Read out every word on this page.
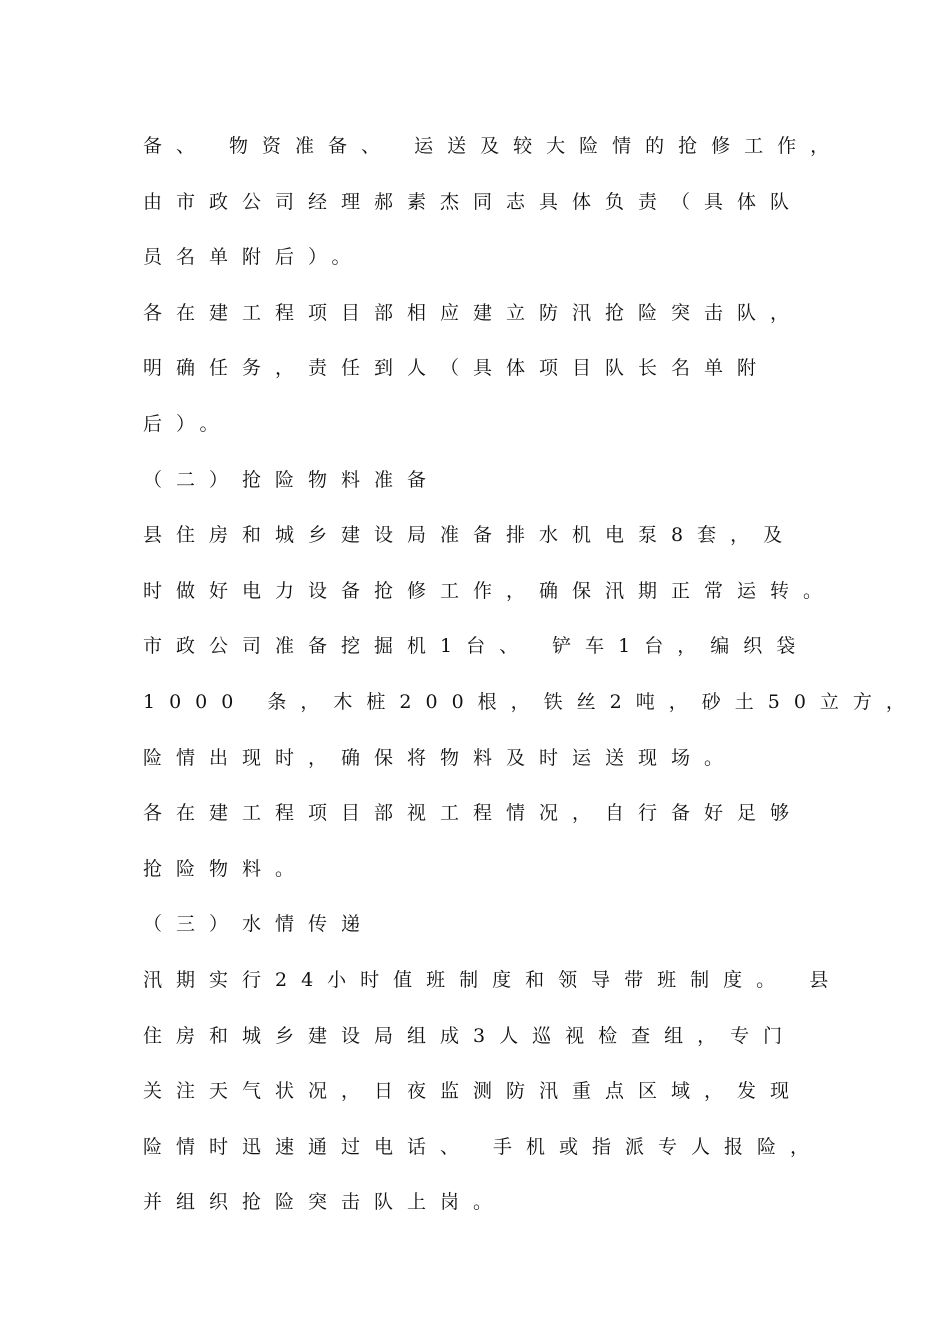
备、 物资准备、 运送及较大险情的抢修工作，
由市政公司经理郝素杰同志具体负责（具体队
员名单附后）。
各在建工程项目部相应建立防汛抢险突击队，
明确任务，责任到人（具体项目队长名单附
后）。
（二）抢险物料准备
县住房和城乡建设局准备排水机电泵8套，及
时做好电力设备抢修工作，确保汛期正常运转。
市政公司准备挖掘机1台、 铲车1台，编织袋
1000 条，木桩200根，铁丝2吨，砂土50立方，
险情出现时，确保将物料及时运送现场。
各在建工程项目部视工程情况，自行备好足够
抢险物料。
（三）水情传递
汛期实行24小时值班制度和领导带班制度。 县
住房和城乡建设局组成3人巡视检查组，专门
关注天气状况，日夜监测防汛重点区域，发现
险情时迅速通过电话、 手机或指派专人报险，
并组织抢险突击队上岗。
